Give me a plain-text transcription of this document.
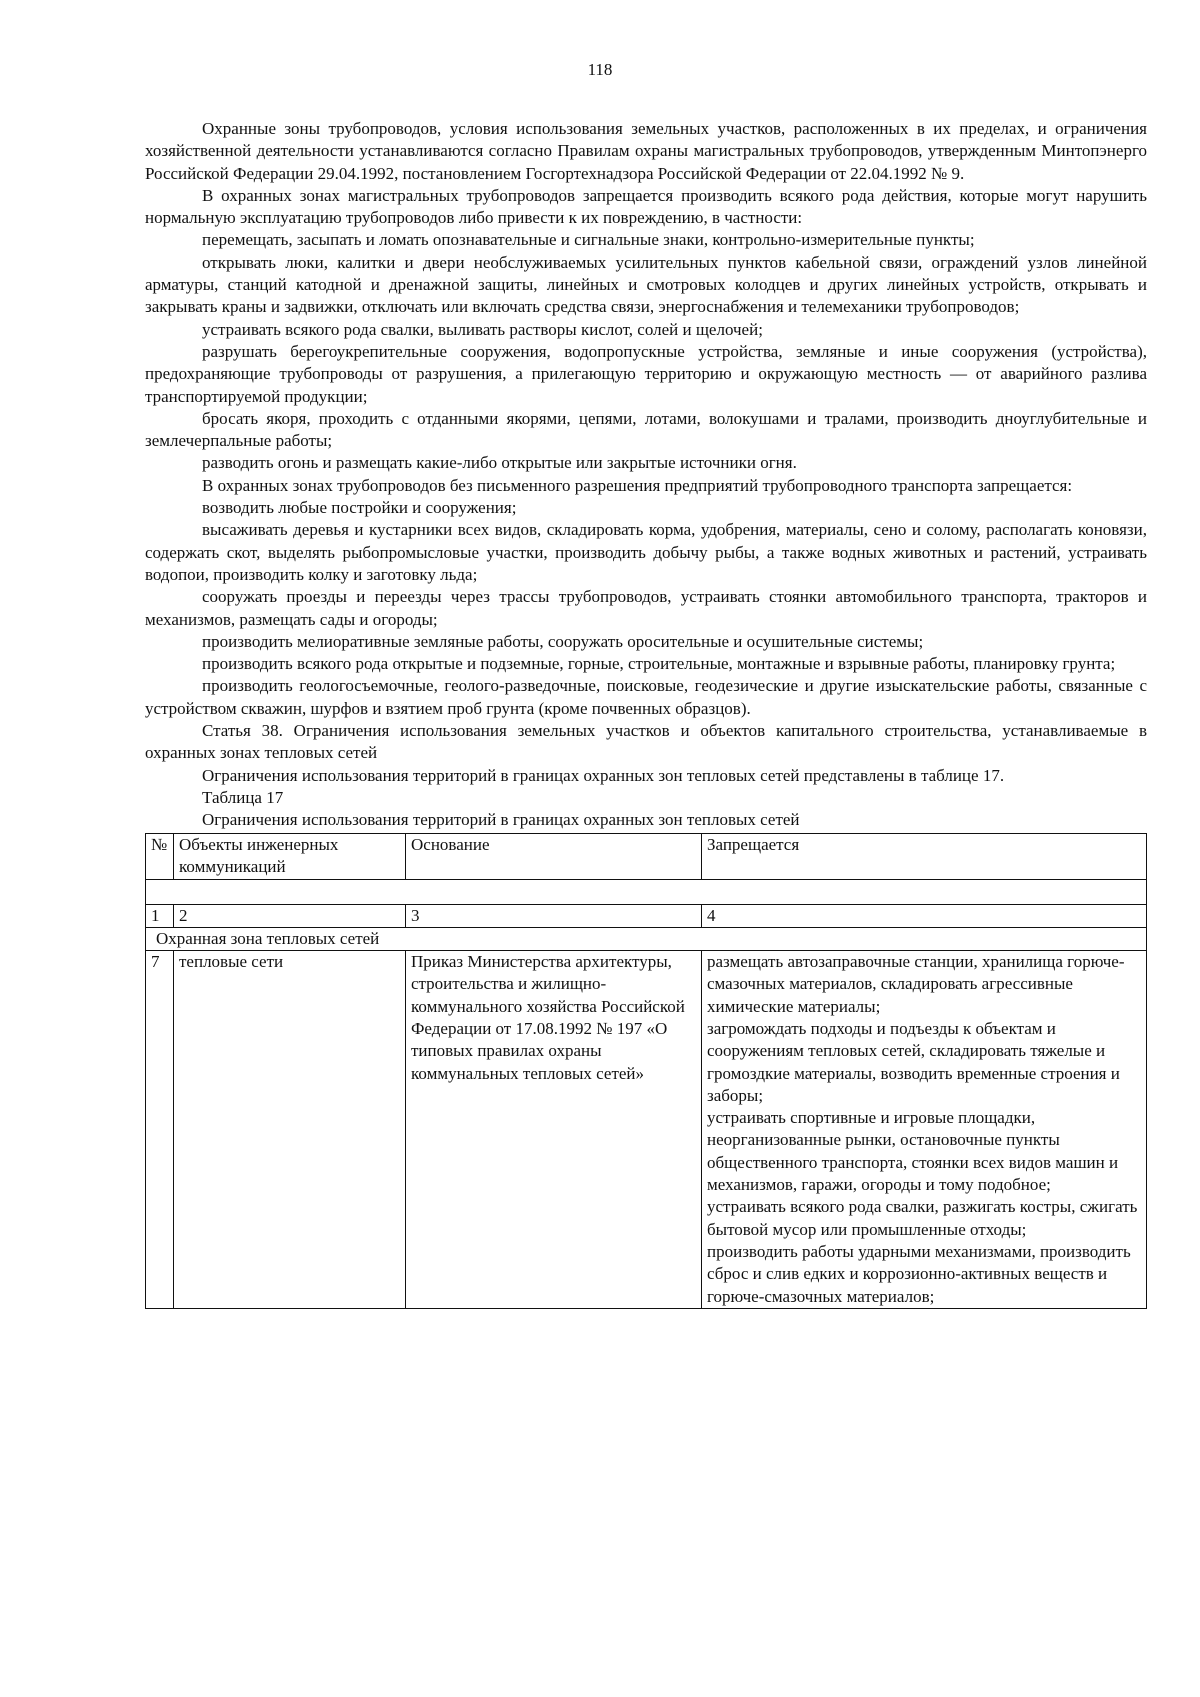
118

Охранные зоны трубопроводов, условия использования земельных участков, расположенных в их пределах, и ограничения хозяйственной деятельности устанавливаются согласно Правилам охраны магистральных трубопроводов, утвержденным Минтопэнерго Российской Федерации 29.04.1992, постановлением Госгортехнадзора Российской Федерации от 22.04.1992 № 9.

В охранных зонах магистральных трубопроводов запрещается производить всякого рода действия, которые могут нарушить нормальную эксплуатацию трубопроводов либо привести к их повреждению, в частности:

перемещать, засыпать и ломать опознавательные и сигнальные знаки, контрольно-измерительные пункты;

открывать люки, калитки и двери необслуживаемых усилительных пунктов кабельной связи, ограждений узлов линейной арматуры, станций катодной и дренажной защиты, линейных и смотровых колодцев и других линейных устройств, открывать и закрывать краны и задвижки, отключать или включать средства связи, энергоснабжения и телемеханики трубопроводов;

устраивать всякого рода свалки, выливать растворы кислот, солей и щелочей;

разрушать берегоукрепительные сооружения, водопропускные устройства, земляные и иные сооружения (устройства), предохраняющие трубопроводы от разрушения, а прилегающую территорию и окружающую местность — от аварийного разлива транспортируемой продукции;

бросать якоря, проходить с отданными якорями, цепями, лотами, волокушами и тралами, производить дноуглубительные и землечерпальные работы;

разводить огонь и размещать какие-либо открытые или закрытые источники огня.

В охранных зонах трубопроводов без письменного разрешения предприятий трубопроводного транспорта запрещается:

возводить любые постройки и сооружения;

высаживать деревья и кустарники всех видов, складировать корма, удобрения, материалы, сено и солому, располагать коновязи, содержать скот, выделять рыбопромысловые участки, производить добычу рыбы, а также водных животных и растений, устраивать водопои, производить колку и заготовку льда;

сооружать проезды и переезды через трассы трубопроводов, устраивать стоянки автомобильного транспорта, тракторов и механизмов, размещать сады и огороды;

производить мелиоративные земляные работы, сооружать оросительные и осушительные системы;

производить всякого рода открытые и подземные, горные, строительные, монтажные и взрывные работы, планировку грунта;

производить геологосъемочные, геолого-разведочные, поисковые, геодезические и другие изыскательские работы, связанные с устройством скважин, шурфов и взятием проб грунта (кроме почвенных образцов).

Статья 38. Ограничения использования земельных участков и объектов капитального строительства, устанавливаемые в охранных зонах тепловых сетей

Ограничения использования территорий в границах охранных зон тепловых сетей представлены в таблице 17.

Таблица 17
Ограничения использования территорий в границах охранных зон тепловых сетей
№	Объекты инженерных коммуникаций	Основание	Запрещается
1	2	3	4
Охранная зона тепловых сетей			
7	тепловые сети	Приказ Министерства архитектуры, строительства и жилищно-коммунального хозяйства Российской Федерации от 17.08.1992 № 197 «О типовых правилах охраны коммунальных тепловых сетей»	размещать автозаправочные станции, хранилища горюче-смазочных материалов, складировать агрессивные химические материалы;
загромождать подходы и подъезды к объектам и сооружениям тепловых сетей, складировать тяжелые и громоздкие материалы, возводить временные строения и заборы;
устраивать спортивные и игровые площадки, неорганизованные рынки, остановочные пункты общественного транспорта, стоянки всех видов машин и механизмов, гаражи, огороды и тому подобное;
устраивать всякого рода свалки, разжигать костры, сжигать бытовой мусор или промышленные отходы;
производить работы ударными механизмами, производить сброс и слив едких и коррозионно-активных веществ и горюче-смазочных материалов;
